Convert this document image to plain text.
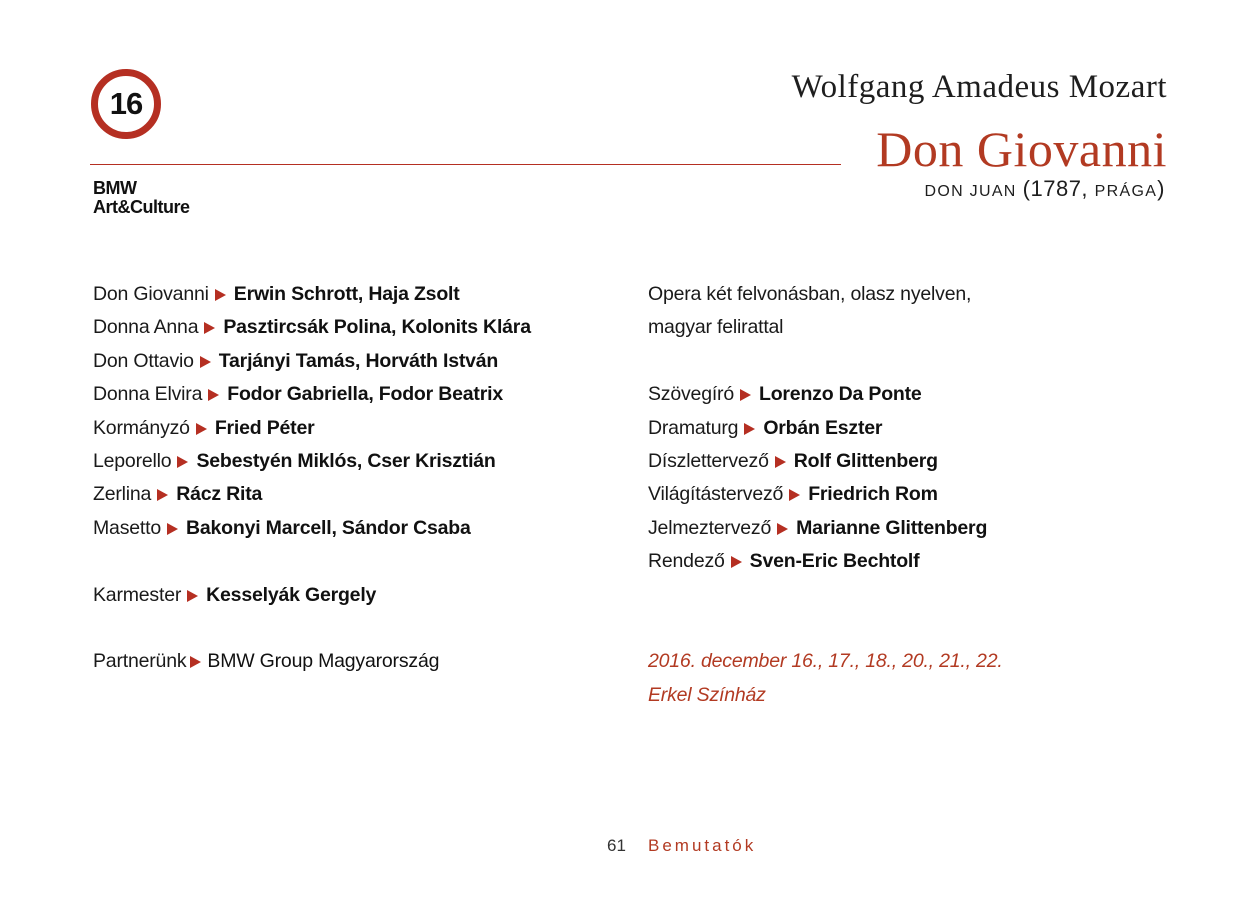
16
BMW
Art&Culture
Wolfgang Amadeus Mozart
Don Giovanni
DON JUAN ( 1787, PRÁGA )
Don Giovanni Erwin Schrott, Haja Zsolt
Donna Anna Pasztircsák Polina, Kolonits Klára
Don Ottavio Tarjányi Tamás, Horváth István
Donna Elvira Fodor Gabriella, Fodor Beatrix
Kormányzó Fried Péter
Leporello Sebestyén Miklós, Cser Krisztián
Zerlina Rácz Rita
Masetto Bakonyi Marcell, Sándor Csaba
Karmester Kesselyák Gergely
Partnerünk BMW Group Magyarország
Opera két felvonásban, olasz nyelven,
magyar felirattal
Szövegíró Lorenzo Da Ponte
Dramaturg Orbán Eszter
Díszlettervező Rolf Glittenberg
Világítástervező Friedrich Rom
Jelmeztervező Marianne Glittenberg
Rendező Sven-Eric Bechtolf
2016. december 16., 17., 18., 20., 21., 22.
Erkel Színház
61 Bemutatók
